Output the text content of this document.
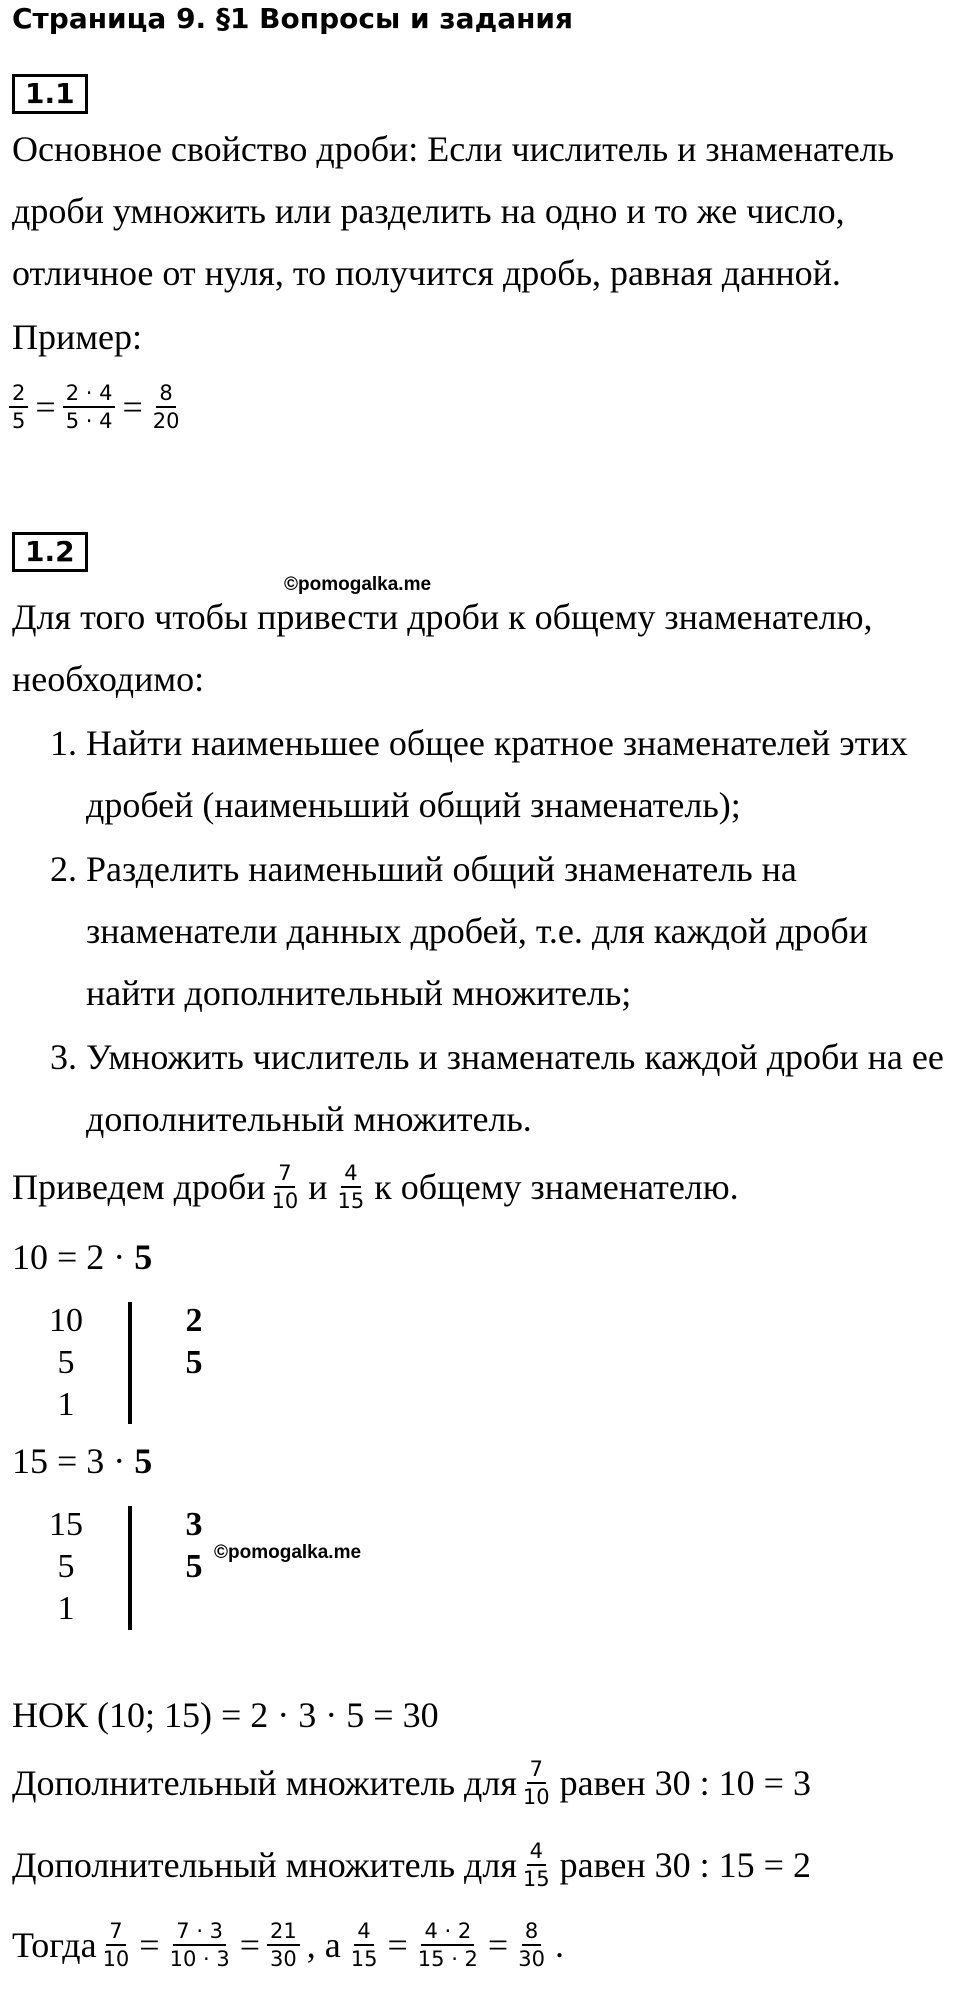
Страница 9. §1 Вопросы и задания
1.1
Основное свойство дроби: Если числитель и знаменатель
дроби умножить или разделить на одно и то же число,
отличное от нуля, то получится дробь, равная данной.
Пример:
$\frac{2}{5} = \frac{2 \cdot 4}{5 \cdot 4} = \frac{8}{20}$
1.2
©pomogalka.me
Для того чтобы привести дроби к общему знаменателю,
необходимо:
1. Найти наименьшее общее кратное знаменателей этих
дробей (наименьший общий знаменатель);
2. Разделить наименьший общий знаменатель на
знаменатели данных дробей, т.е. для каждой дроби
найти дополнительный множитель;
3. Умножить числитель и знаменатель каждой дроби на ее
дополнительный множитель.
Приведем дроби $\frac{7}{10}$ и $\frac{4}{15}$ к общему знаменателю.
10 = 2 · 5
10
5
1
2
5
15 = 3 · 5
15
5
1
3
5 ©pomogalka.me
НОК (10; 15) = 2 · 3 · 5 = 30
Дополнительный множитель для $\frac{7}{10}$ равен 30 : 10 = 3
Дополнительный множитель для $\frac{4}{15}$ равен 30 : 15 = 2
Тогда $\frac{7}{10} = \frac{7 \cdot 3}{10 \cdot 3} = \frac{21}{30}$ , а $\frac{4}{15} = \frac{4 \cdot 2}{15 \cdot 2} = \frac{8}{30}$ .
